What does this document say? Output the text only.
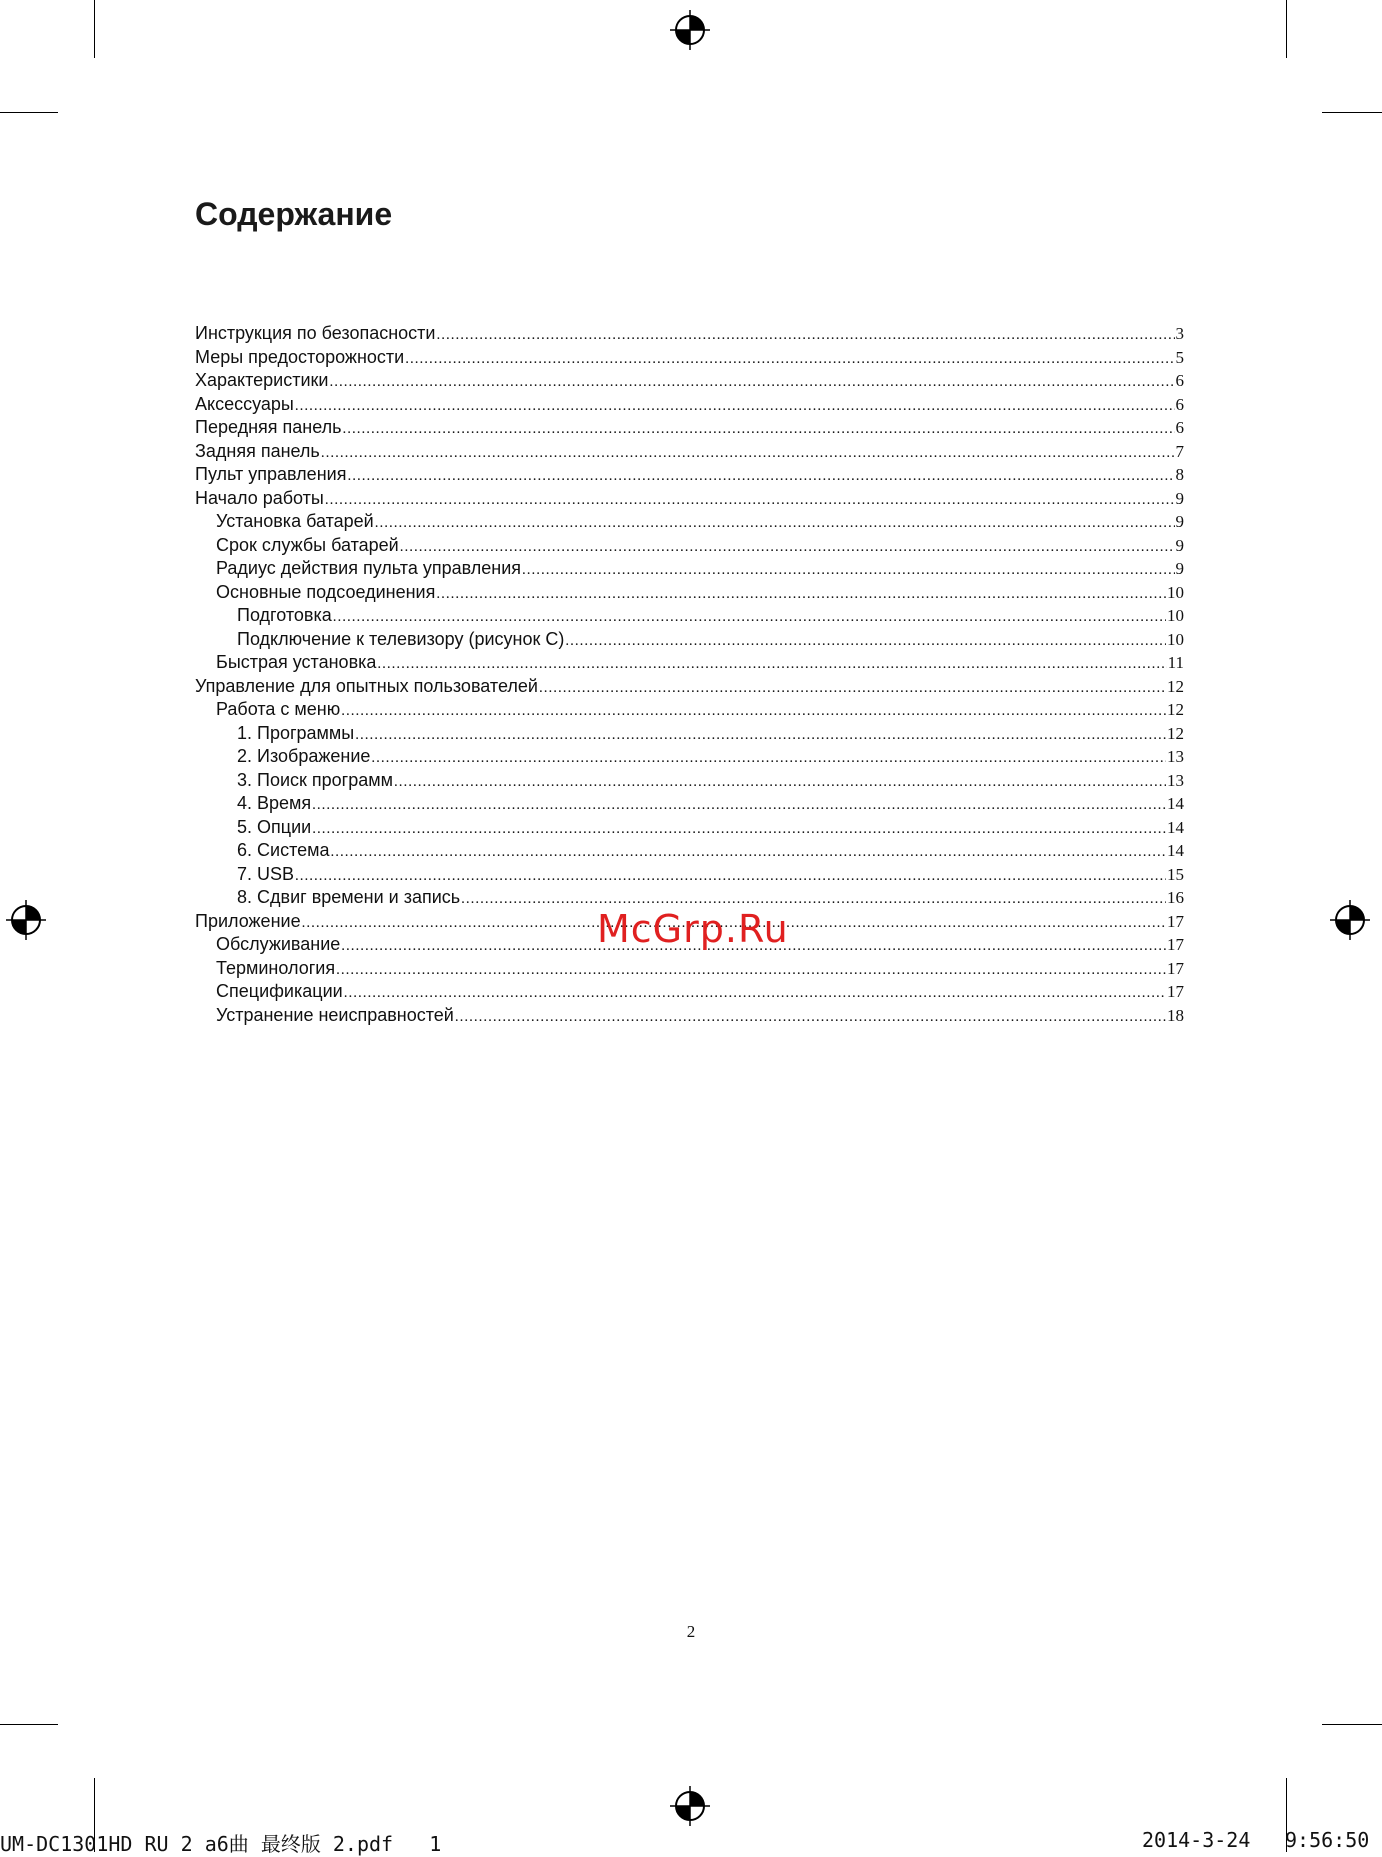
Содержание
Инструкция по безопасности .....	3
Меры предосторожности .....	5
Характеристики .....	6
Аксессуары .....	6
Передняя панель .....	6
Задняя панель .....	7
Пульт управления .....	8
Начало работы .....	9
Установка батарей .....	9
Срок службы батарей .....	9
Радиус действия пульта управления .....	9
Основные подсоединения .....	10
Подготовка .....	10
Подключение к телевизору (рисунок С) .....	10
Быстрая установка .....	11
Управление для опытных пользователей .....	12
Работа с меню .....	12
1. Программы .....	12
2. Изображение .....	13
3. Поиск программ .....	13
4. Время .....	14
5. Опции .....	14
6. Система .....	14
7. USB .....	15
8. Сдвиг времени и запись .....	16
Приложение .....	17
Обслуживание .....	17
Терминология .....	17
Спецификации .....	17
Устранение неисправностей .....	18
McGrp.Ru
2
UM-DC1301HD RU 2 a6曲 最终版 2.pdf   1	2014-3-24 9:56:50
